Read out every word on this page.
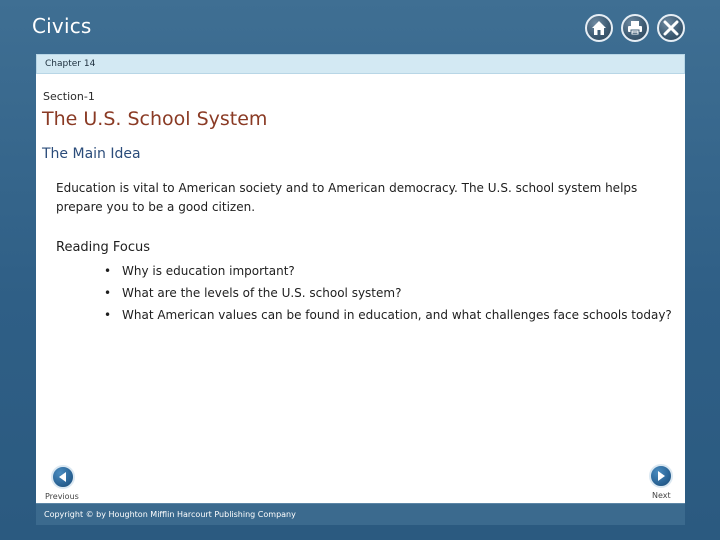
Civics
Chapter 14
Section-1
The U.S. School System
The Main Idea
Education is vital to American society and to American democracy. The U.S. school system helps prepare you to be a good citizen.
Reading Focus
• Why is education important?
• What are the levels of the U.S. school system?
• What American values can be found in education, and what challenges face schools today?
Previous	Next
Copyright © by Houghton Mifflin Harcourt Publishing Company
